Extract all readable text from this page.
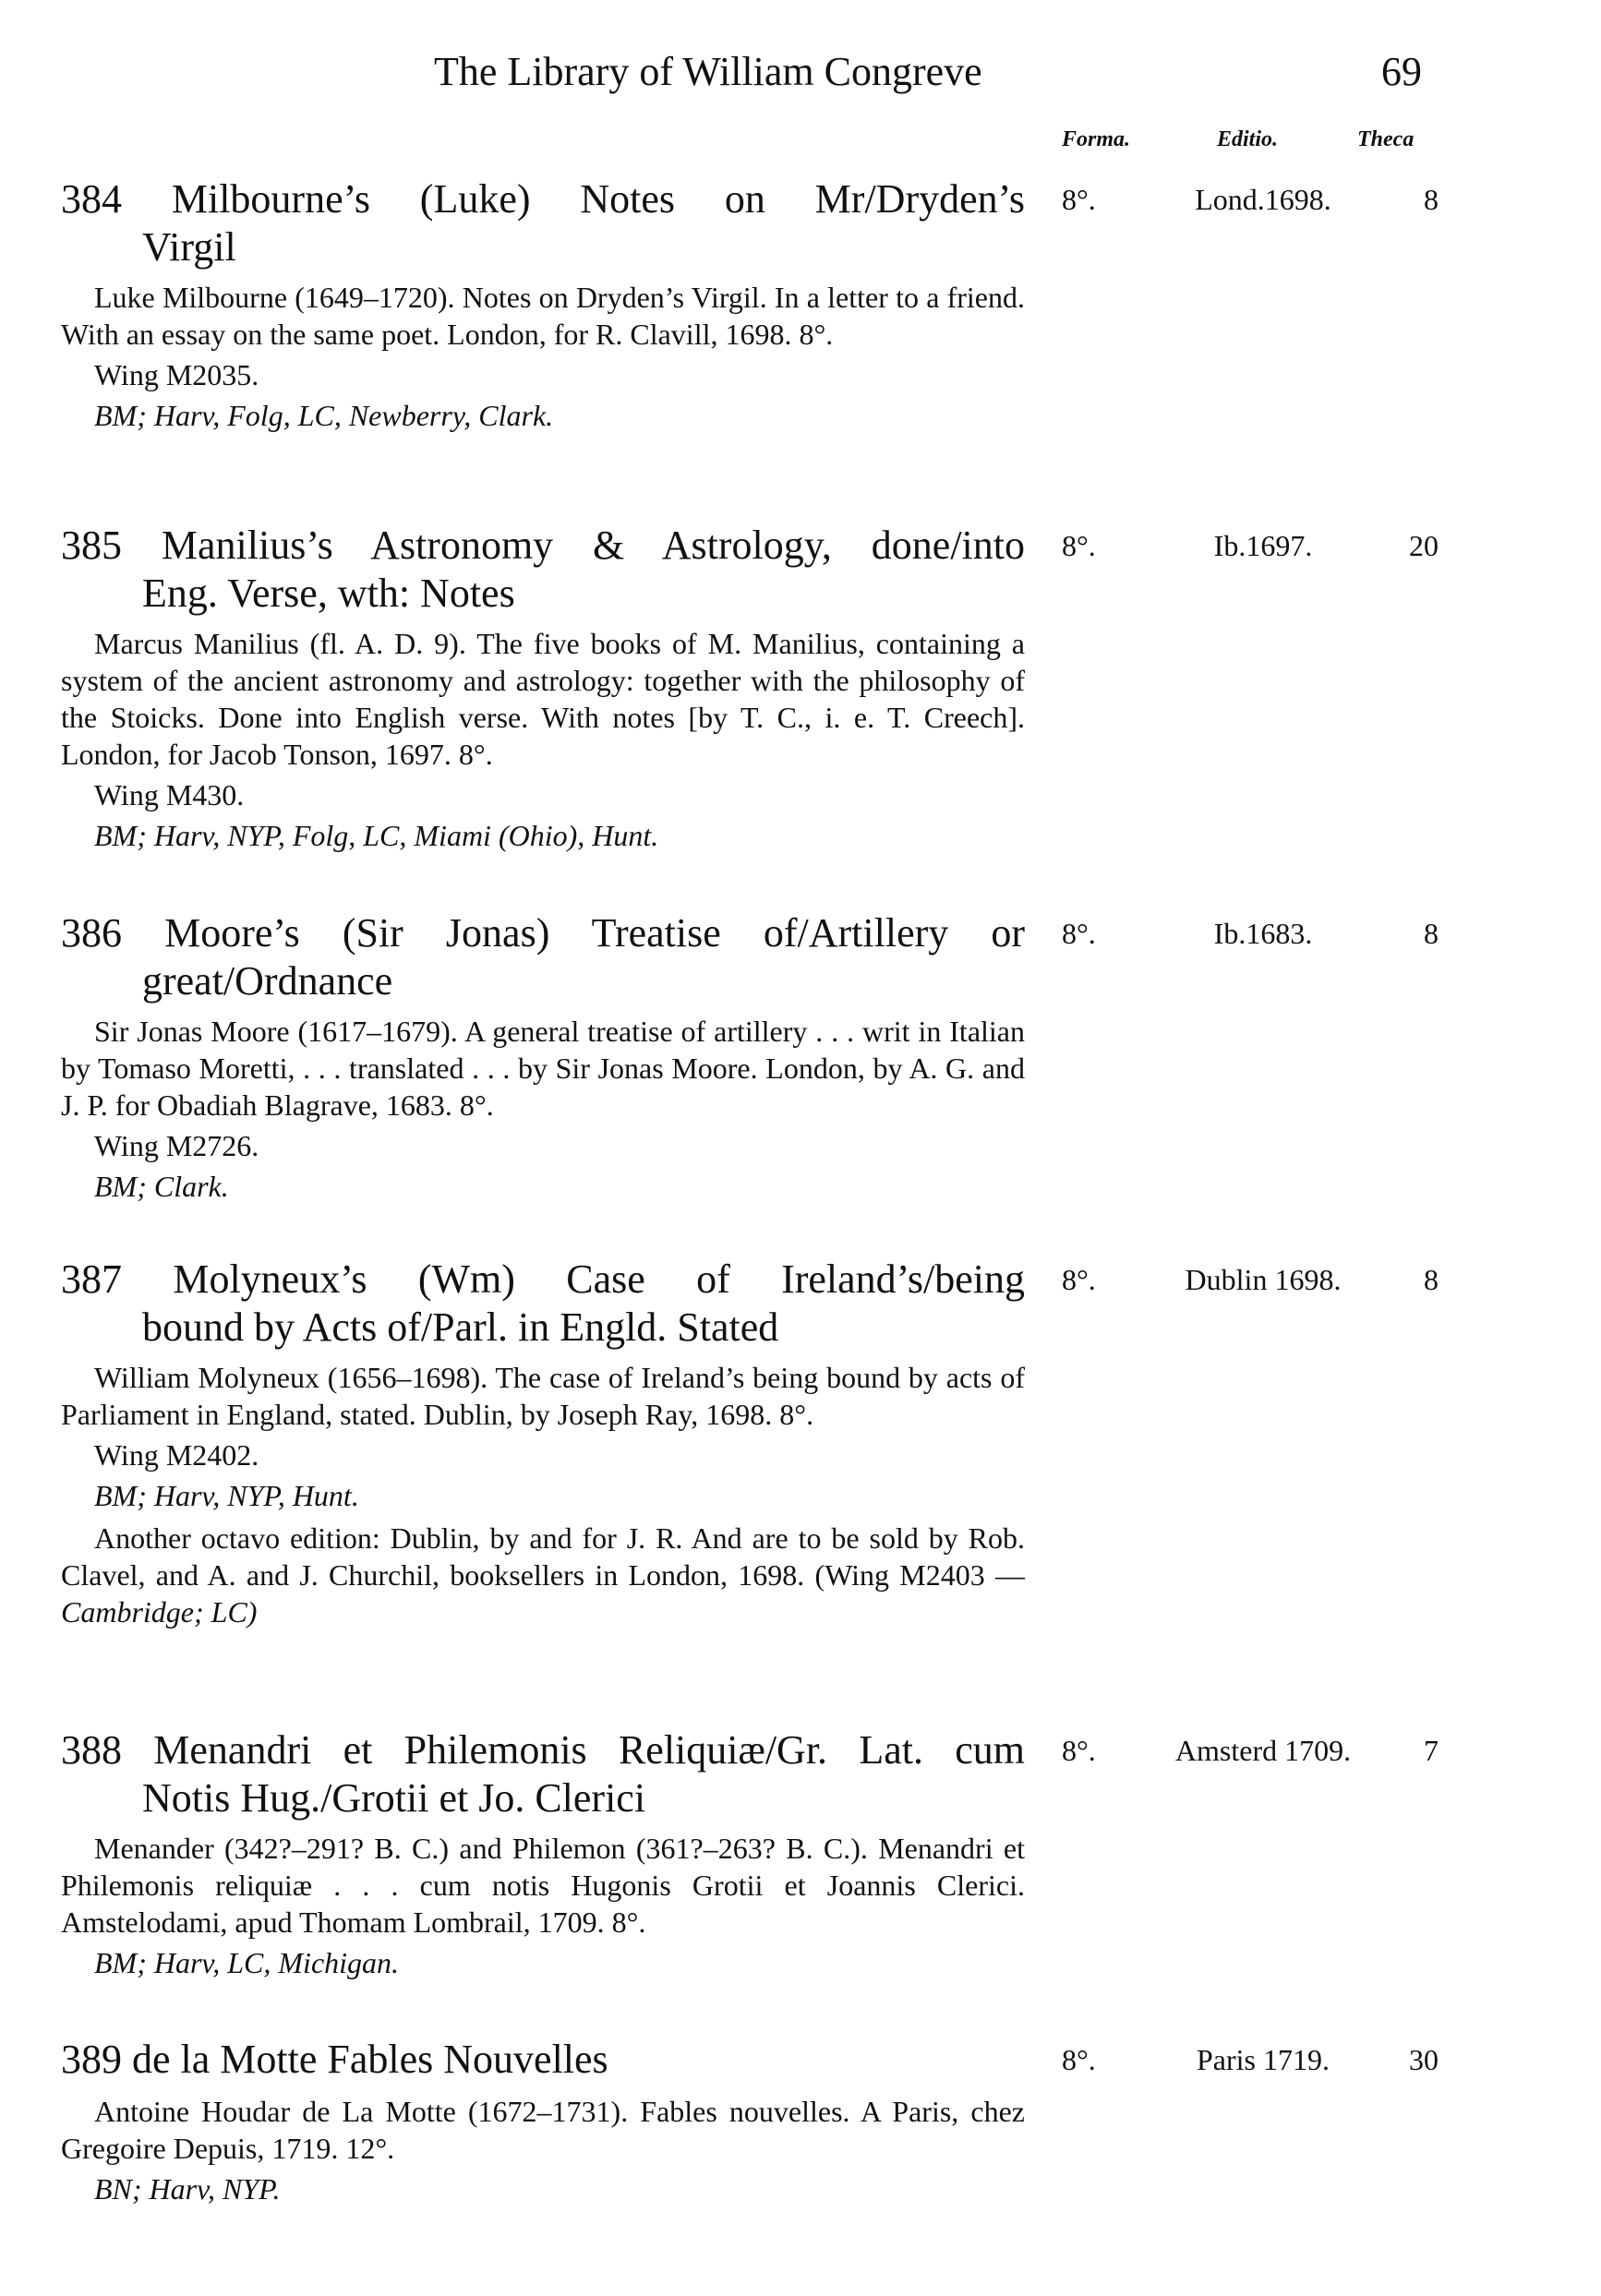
The Library of William Congreve	69
Forma.	Editio.	Theca
384 Milbourne’s (Luke) Notes on Mr/Dryden’s
Virgil
8°.	Lond.1698.	8

Luke Milbourne (1649–1720). Notes on Dryden’s Virgil. In a letter to a friend. With an essay on the same poet. London, for R. Clavill, 1698. 8°.

Wing M2035.
BM; Harv, Folg, LC, Newberry, Clark.
385 Manilius’s Astronomy & Astrology, done/into
Eng. Verse, wth: Notes
8°.	Ib.1697.	20

Marcus Manilius (fl. A. D. 9). The five books of M. Manilius, containing a system of the ancient astronomy and astrology: together with the philosophy of the Stoicks. Done into English verse. With notes [by T. C., i. e. T. Creech]. London, for Jacob Tonson, 1697. 8°.

Wing M430.
BM; Harv, NYP, Folg, LC, Miami (Ohio), Hunt.
386 Moore’s (Sir Jonas) Treatise of/Artillery or
great/Ordnance
8°.	Ib.1683.	8

Sir Jonas Moore (1617–1679). A general treatise of artillery . . . writ in Italian by Tomaso Moretti, . . . translated . . . by Sir Jonas Moore. London, by A. G. and J. P. for Obadiah Blagrave, 1683. 8°.

Wing M2726.
BM; Clark.
387 Molyneux’s (Wm) Case of Ireland’s/being
bound by Acts of/Parl. in Engld. Stated
8°.	Dublin 1698.	8

William Molyneux (1656–1698). The case of Ireland’s being bound by acts of Parliament in England, stated. Dublin, by Joseph Ray, 1698. 8°.

Wing M2402.
BM; Harv, NYP, Hunt.

Another octavo edition: Dublin, by and for J. R. And are to be sold by Rob. Clavel, and A. and J. Churchil, booksellers in London, 1698. (Wing M2403 — Cambridge; LC)

388 Menandri et Philemonis Reliquiæ/Gr. Lat. cum
Notis Hug./Grotii et Jo. Clerici
8°.	Amsterd 1709.	7

Menander (342?–291? B. C.) and Philemon (361?–263? B. C.). Menandri et Philemonis reliquiæ . . . cum notis Hugonis Grotii et Joannis Clerici. Amstelodami, apud Thomam Lombrail, 1709. 8°.

BM; Harv, LC, Michigan.
389 de la Motte Fables Nouvelles	8°.	Paris 1719.	30

Antoine Houdar de La Motte (1672–1731). Fables nouvelles. A Paris, chez Gregoire Depuis, 1719. 12°.

BN; Harv, NYP.
